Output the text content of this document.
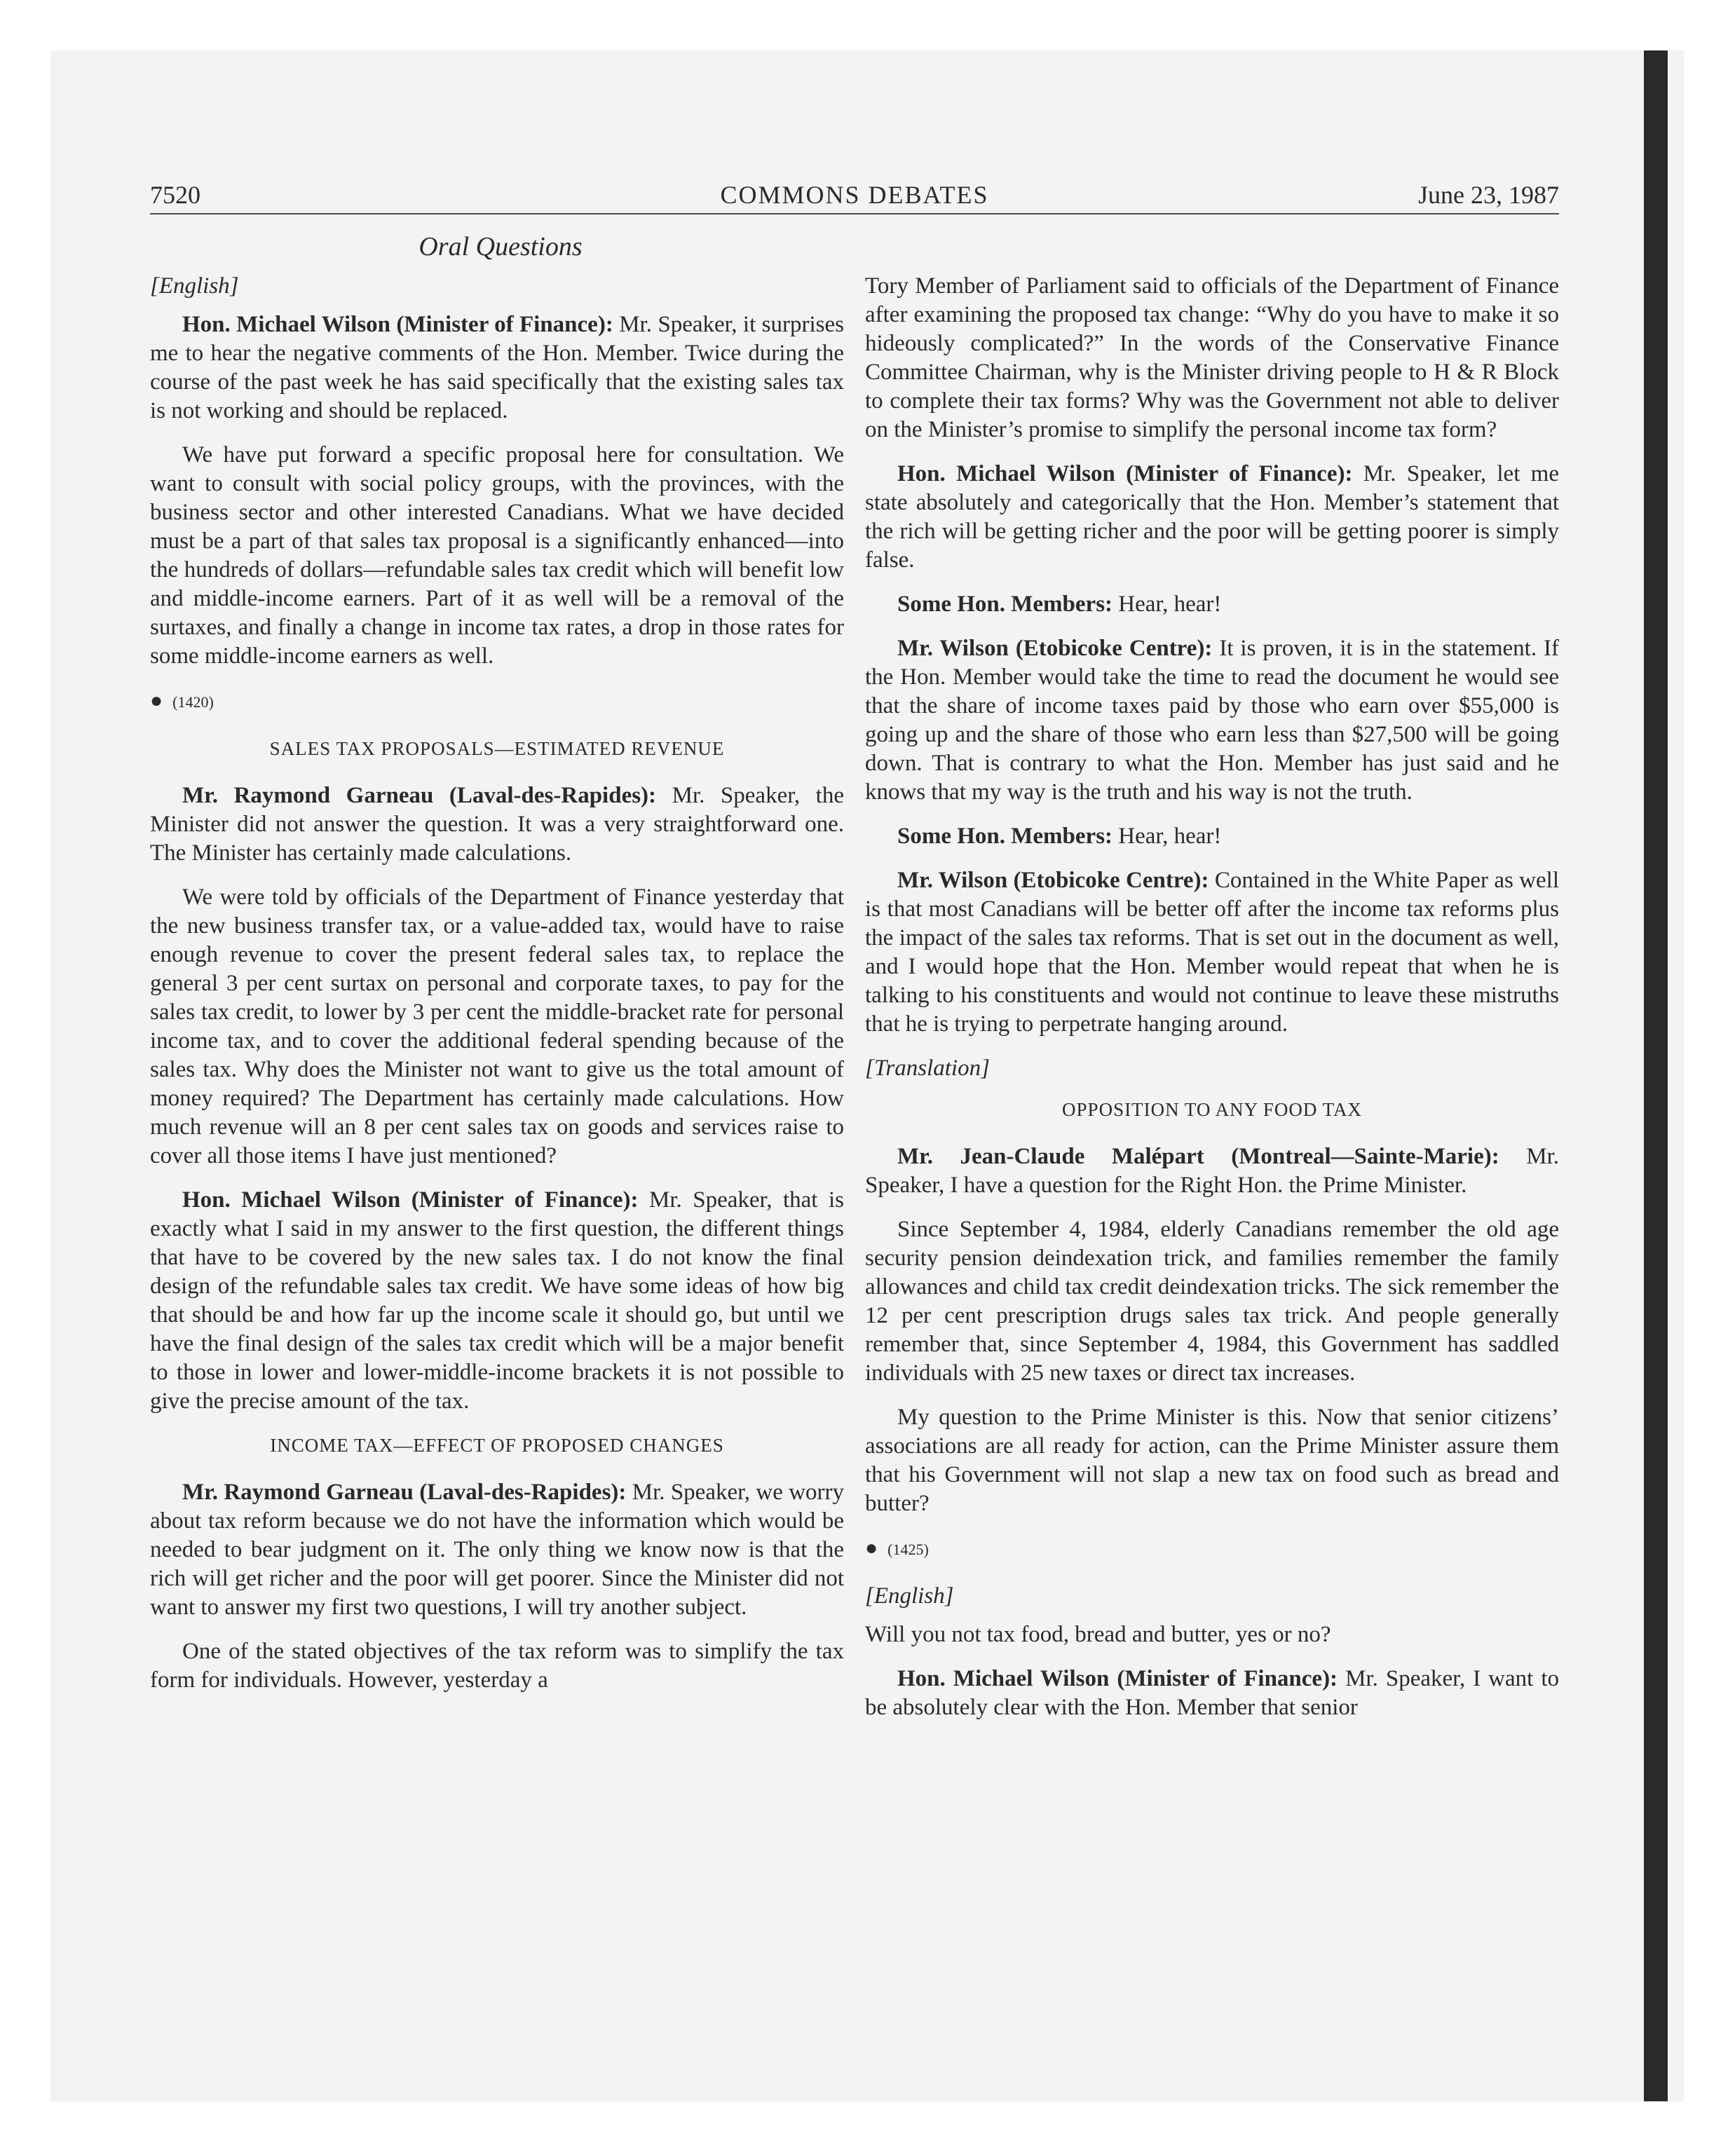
7520	COMMONS DEBATES	June 23, 1987
Oral Questions

[English]

Hon. Michael Wilson (Minister of Finance): Mr. Speaker, it surprises me to hear the negative comments of the Hon. Member. Twice during the course of the past week he has said specifically that the existing sales tax is not working and should be replaced.

We have put forward a specific proposal here for consultation. We want to consult with social policy groups, with the provinces, with the business sector and other interested Canadians. What we have decided must be a part of that sales tax proposal is a significantly enhanced—into the hundreds of dollars—refundable sales tax credit which will benefit low and middle-income earners. Part of it as well will be a removal of the surtaxes, and finally a change in income tax rates, a drop in those rates for some middle-income earners as well.

● (1420)
SALES TAX PROPOSALS—ESTIMATED REVENUE

Mr. Raymond Garneau (Laval-des-Rapides): Mr. Speaker, the Minister did not answer the question. It was a very straightforward one. The Minister has certainly made calculations.

We were told by officials of the Department of Finance yesterday that the new business transfer tax, or a value-added tax, would have to raise enough revenue to cover the present federal sales tax, to replace the general 3 per cent surtax on personal and corporate taxes, to pay for the sales tax credit, to lower by 3 per cent the middle-bracket rate for personal income tax, and to cover the additional federal spending because of the sales tax. Why does the Minister not want to give us the total amount of money required? The Department has certainly made calculations. How much revenue will an 8 per cent sales tax on goods and services raise to cover all those items I have just mentioned?

Hon. Michael Wilson (Minister of Finance): Mr. Speaker, that is exactly what I said in my answer to the first question, the different things that have to be covered by the new sales tax. I do not know the final design of the refundable sales tax credit. We have some ideas of how big that should be and how far up the income scale it should go, but until we have the final design of the sales tax credit which will be a major benefit to those in lower and lower-middle-income brackets it is not possible to give the precise amount of the tax.

INCOME TAX—EFFECT OF PROPOSED CHANGES

Mr. Raymond Garneau (Laval-des-Rapides): Mr. Speaker, we worry about tax reform because we do not have the information which would be needed to bear judgment on it. The only thing we know now is that the rich will get richer and the poor will get poorer. Since the Minister did not want to answer my first two questions, I will try another subject.

One of the stated objectives of the tax reform was to simplify the tax form for individuals. However, yesterday a

Tory Member of Parliament said to officials of the Department of Finance after examining the proposed tax change: “Why do you have to make it so hideously complicated?” In the words of the Conservative Finance Committee Chairman, why is the Minister driving people to H & R Block to complete their tax forms? Why was the Government not able to deliver on the Minister’s promise to simplify the personal income tax form?

Hon. Michael Wilson (Minister of Finance): Mr. Speaker, let me state absolutely and categorically that the Hon. Member’s statement that the rich will be getting richer and the poor will be getting poorer is simply false.

Some Hon. Members: Hear, hear!

Mr. Wilson (Etobicoke Centre): It is proven, it is in the statement. If the Hon. Member would take the time to read the document he would see that the share of income taxes paid by those who earn over $55,000 is going up and the share of those who earn less than $27,500 will be going down. That is contrary to what the Hon. Member has just said and he knows that my way is the truth and his way is not the truth.

Some Hon. Members: Hear, hear!

Mr. Wilson (Etobicoke Centre): Contained in the White Paper as well is that most Canadians will be better off after the income tax reforms plus the impact of the sales tax reforms. That is set out in the document as well, and I would hope that the Hon. Member would repeat that when he is talking to his constituents and would not continue to leave these mistruths that he is trying to perpetrate hanging around.

[Translation]

OPPOSITION TO ANY FOOD TAX

Mr. Jean-Claude Malépart (Montreal—Sainte-Marie): Mr. Speaker, I have a question for the Right Hon. the Prime Minister.

Since September 4, 1984, elderly Canadians remember the old age security pension deindexation trick, and families remember the family allowances and child tax credit deindexation tricks. The sick remember the 12 per cent prescription drugs sales tax trick. And people generally remember that, since September 4, 1984, this Government has saddled individuals with 25 new taxes or direct tax increases.

My question to the Prime Minister is this. Now that senior citizens’ associations are all ready for action, can the Prime Minister assure them that his Government will not slap a new tax on food such as bread and butter?

● (1425)

[English]

Will you not tax food, bread and butter, yes or no?

Hon. Michael Wilson (Minister of Finance): Mr. Speaker, I want to be absolutely clear with the Hon. Member that senior
